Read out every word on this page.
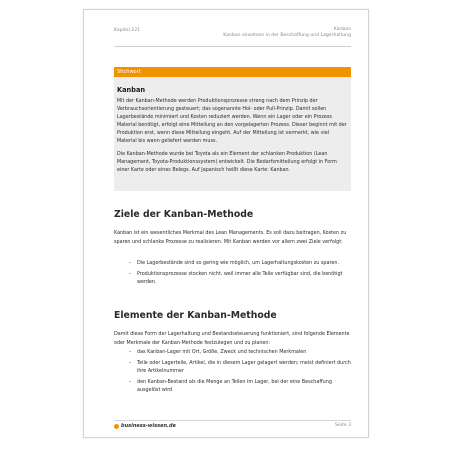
Kapitel 221	Kanban
Kanban einsetzen in der Beschaffung und Lagerhaltung
Stichwort
Kanban

Mit der Kanban-Methode werden Produktionsprozesse streng nach dem Prinzip der Verbrauchsorientierung gesteuert; das sogenannte Hol- oder Pull-Prinzip. Damit sollen Lagerbestände minimiert und Kosten reduziert werden. Wenn ein Lager oder ein Prozess Material benötigt, erfolgt eine Mitteilung an den vorgelagerten Prozess. Dieser beginnt mit der Produktion erst, wenn diese Mitteilung eingeht. Auf der Mitteilung ist vermerkt, wie viel Material bis wann geliefert werden muss.

Die Kanban-Methode wurde bei Toyota als ein Element der schlanken Produktion (Lean Management, Toyota-Produktionssystem) entwickelt. Die Bedarfsmitteilung erfolgt in Form einer Karte oder eines Belegs. Auf Japanisch heißt diese Karte: Kanban.

Ziele der Kanban-Methode
Kanban ist ein wesentliches Merkmal des Lean Managements. Es soll dazu beitragen, Kosten zu sparen und schlanke Prozesse zu realisieren. Mit Kanban werden vor allem zwei Ziele verfolgt:
– Die Lagerbestände sind so gering wie möglich, um Lagerhaltungskosten zu sparen.
– Produktionsprozesse stocken nicht, weil immer alle Teile verfügbar sind, die benötigt werden.
Elemente der Kanban-Methode
Damit diese Form der Lagerhaltung und Bestandssteuerung funktioniert, sind folgende Elemente oder Merkmale der Kanban-Methode festzulegen und zu planen:
– das Kanban-Lager mit Ort, Größe, Zweck und technischen Merkmalen
– Teile oder Lagerteile, Artikel, die in diesem Lager gelagert werden; meist definiert durch ihre Artikelnummer
– den Kanban-Bestand als die Menge an Teilen im Lager, bei der eine Beschaffung ausgelöst wird
business-wissen.de	Seite 3
